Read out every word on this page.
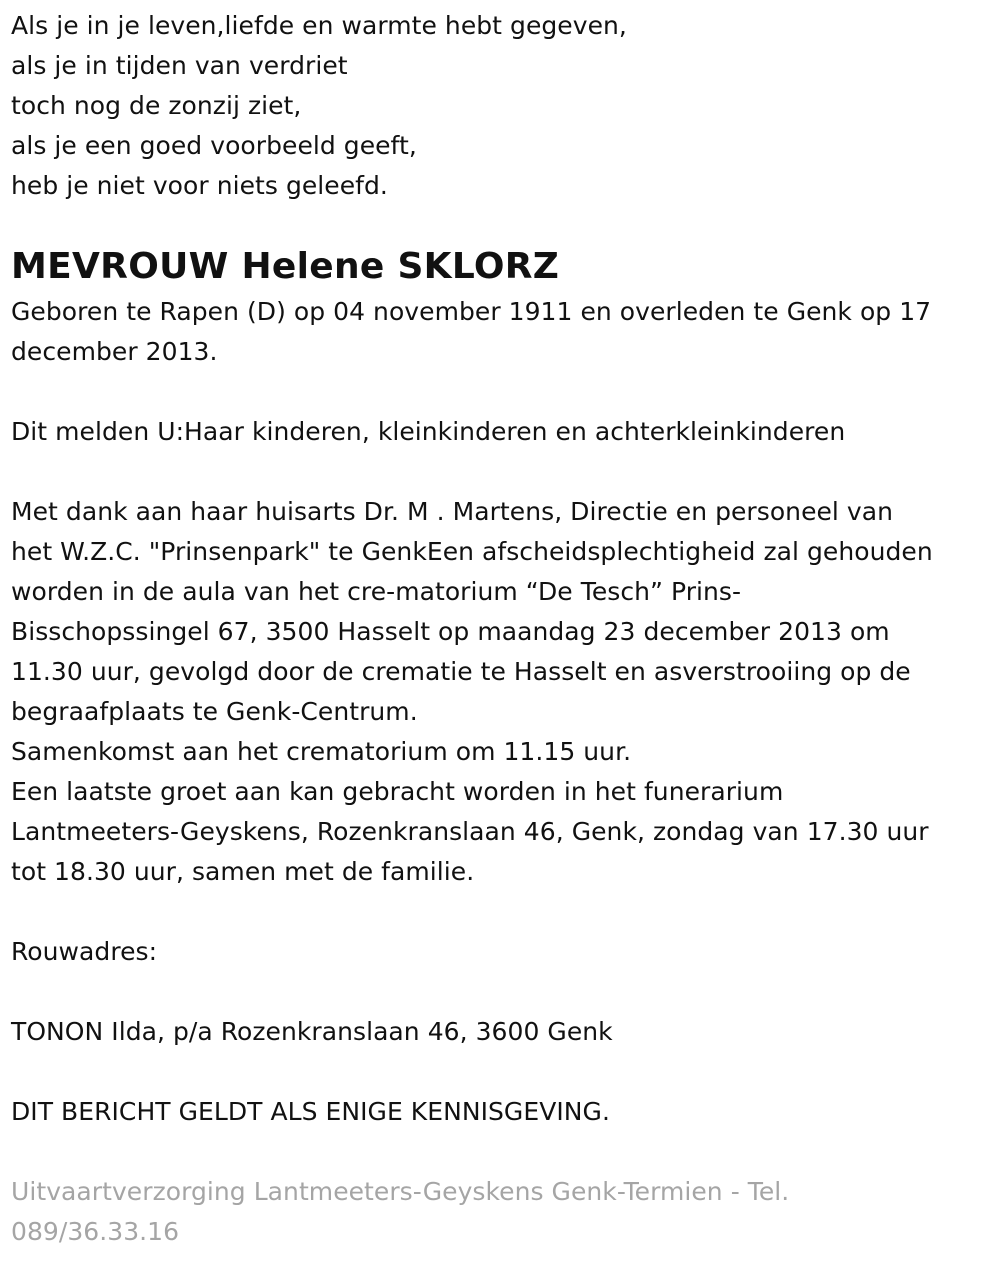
Als je in je leven,liefde en warmte hebt gegeven,
als je in tijden van verdriet
toch nog de zonzij ziet,
als je een goed voorbeeld geeft,
heb je niet voor niets geleefd.
MEVROUW Helene SKLORZ
Geboren te Rapen (D) op 04 november 1911 en overleden te Genk op 17
december 2013.
Dit melden U:Haar kinderen, kleinkinderen en achterkleinkinderen
Met dank aan haar huisarts Dr. M . Martens, Directie en personeel van
het W.Z.C. "Prinsenpark" te GenkEen afscheidsplechtigheid zal gehouden
worden in de aula van het cre-matorium “De Tesch” Prins-
Bisschopssingel 67, 3500 Hasselt op maandag 23 december 2013 om
11.30 uur, gevolgd door de crematie te Hasselt en asverstrooiing op de
begraafplaats te Genk-Centrum.
Samenkomst aan het crematorium om 11.15 uur.
Een laatste groet aan kan gebracht worden in het funerarium
Lantmeeters-Geyskens, Rozenkranslaan 46, Genk, zondag van 17.30 uur
tot 18.30 uur, samen met de familie.
Rouwadres:
TONON Ilda, p/a Rozenkranslaan 46, 3600 Genk
DIT BERICHT GELDT ALS ENIGE KENNISGEVING.
Uitvaartverzorging Lantmeeters-Geyskens Genk-Termien - Tel.
089/36.33.16
